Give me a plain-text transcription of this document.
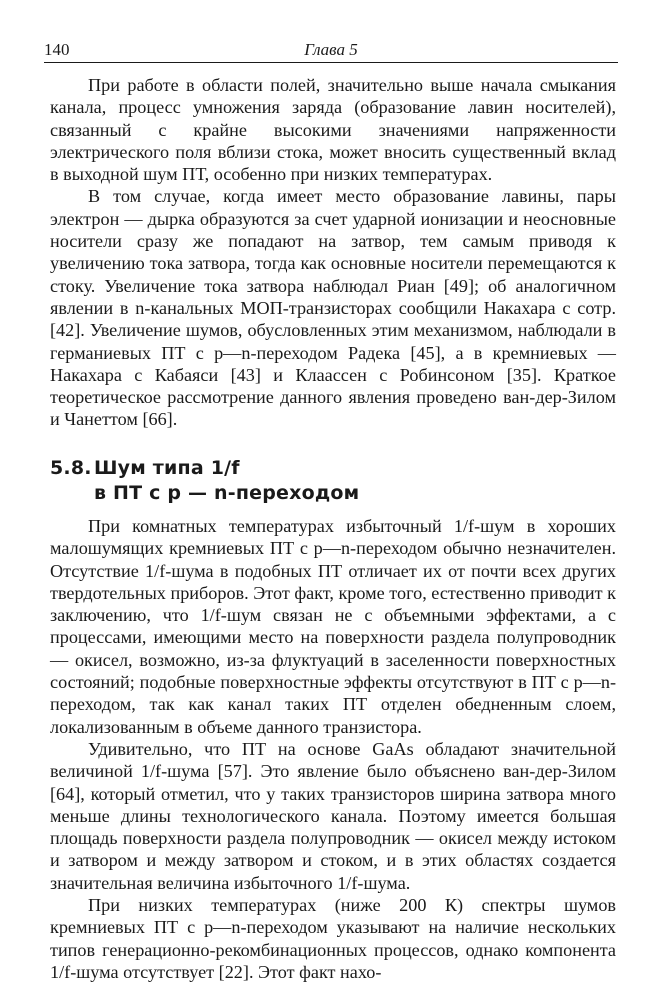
140	Глава 5

При работе в области полей, значительно выше начала смыкания канала, процесс умножения заряда (образование лавин носителей), связанный с крайне высокими значениями напряженности электрического поля вблизи стока, может вносить существенный вклад в выходной шум ПТ, особенно при низких температурах.

В том случае, когда имеет место образование лавины, пары электрон — дырка образуются за счет ударной ионизации и неосновные носители сразу же попадают на затвор, тем самым приводя к увеличению тока затвора, тогда как основные носители перемещаются к стоку. Увеличение тока затвора наблюдал Риан [49]; об аналогичном явлении в n-канальных МОП-транзисторах сообщили Накахара с сотр. [42]. Увеличение шумов, обусловленных этим механизмом, наблюдали в германиевых ПТ с p—n-переходом Радека [45], а в кремниевых — Накахара с Кабаяси [43] и Клаассен с Робинсоном [35]. Краткое теоретическое рассмотрение данного явления проведено ван-дер-Зилом и Чанеттом [66].

5.8. Шум типа 1/f
в ПТ с p — n-переходом

При комнатных температурах избыточный 1/f-шум в хороших малошумящих кремниевых ПТ с p—n-переходом обычно незначителен. Отсутствие 1/f-шума в подобных ПТ отличает их от почти всех других твердотельных приборов. Этот факт, кроме того, естественно приводит к заключению, что 1/f-шум связан не с объемными эффектами, а с процессами, имеющими место на поверхности раздела полупроводник — окисел, возможно, из-за флуктуаций в заселенности поверхностных состояний; подобные поверхностные эффекты отсутствуют в ПТ с p—n-переходом, так как канал таких ПТ отделен обедненным слоем, локализованным в объеме данного транзистора.

Удивительно, что ПТ на основе GaAs обладают значительной величиной 1/f-шума [57]. Это явление было объяснено ван-дер-Зилом [64], который отметил, что у таких транзисторов ширина затвора много меньше длины технологического канала. Поэтому имеется большая площадь поверхности раздела полупроводник — окисел между истоком и затвором и между затвором и стоком, и в этих областях создается значительная величина избыточного 1/f-шума.

При низких температурах (ниже 200 К) спектры шумов кремниевых ПТ с p—n-переходом указывают на наличие нескольких типов генерационно-рекомбинационных процессов, однако компонента 1/f-шума отсутствует [22]. Этот факт нахо-
